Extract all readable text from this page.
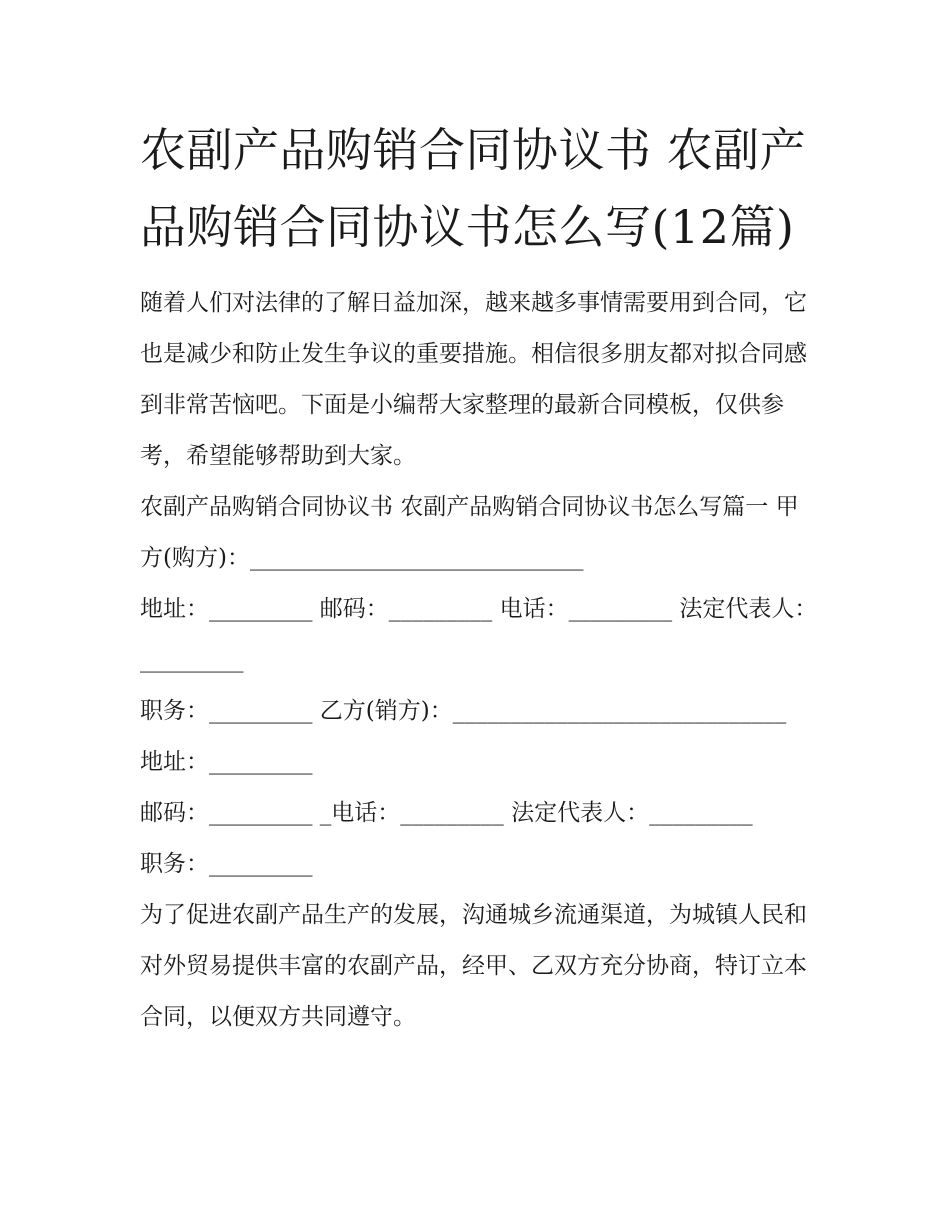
农副产品购销合同协议书 农副产品购销合同协议书怎么写(12篇)

随着人们对法律的了解日益加深，越来越多事情需要用到合同，它也是减少和防止发生争议的重要措施。相信很多朋友都对拟合同感到非常苦恼吧。下面是小编帮大家整理的最新合同模板，仅供参考，希望能够帮助到大家。

农副产品购销合同协议书 农副产品购销合同协议书怎么写篇一 甲方(购方)：_____________________________

地址：_________ 邮码：_________ 电话：_________ 法定代表人：_________

职务：_________ 乙方(销方)：_____________________________

地址：_________

邮码：_________ _电话：_________ 法定代表人：_________

职务：_________

为了促进农副产品生产的发展，沟通城乡流通渠道，为城镇人民和对外贸易提供丰富的农副产品，经甲、乙双方充分协商，特订立本合同，以便双方共同遵守。
